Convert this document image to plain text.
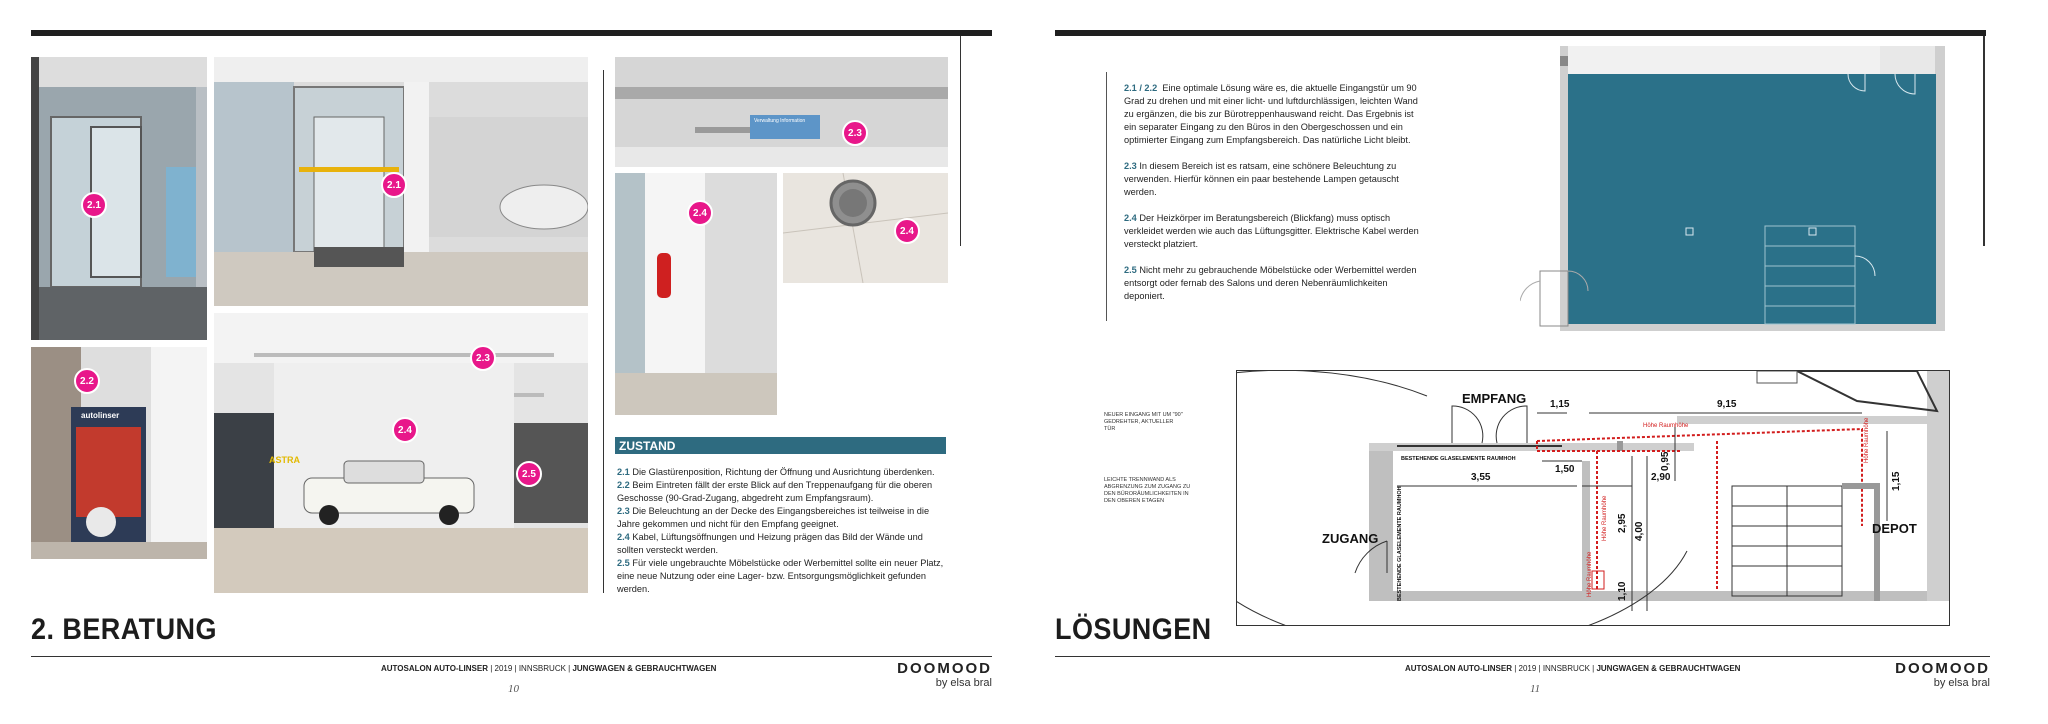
2.1
2.1
autolinser
2.2
ASTRA
2.3
2.4
2.5
Verwaltung Information
2.3
2.4
2.4
ZUSTAND
2.1 Die Glastürenposition, Richtung der Öffnung und Ausrichtung überdenken.
2.2 Beim Eintreten fällt der erste Blick auf den Treppenaufgang für die oberen Geschosse (90-Grad-Zugang, abgedreht zum Empfangsraum).
2.3 Die Beleuchtung an der Decke des Eingangsbereiches ist teilweise in die Jahre gekommen und nicht für den Empfang geeignet.
2.4 Kabel, Lüftungsöffnungen und Heizung prägen das Bild der Wände und sollten versteckt werden.
2.5 Für viele ungebrauchte Möbelstücke oder Werbemittel sollte ein neuer Platz, eine neue Nutzung oder eine Lager- bzw. Entsorgungsmöglichkeit gefunden werden.
2. BERATUNG
AUTOSALON AUTO-LINSER | 2019 | INNSBRUCK | JUNGWAGEN & GEBRAUCHTWAGEN
10
DOOMOOD
by elsa bral

2.1 / 2.2 Eine optimale Lösung wäre es, die aktuelle Eingangstür um 90 Grad zu drehen und mit einer licht- und luftdurchlässigen, leichten Wand zu ergänzen, die bis zur Bürotreppenhauswand reicht. Das Ergebnis ist ein separater Eingang zu den Büros in den Obergeschossen und ein optimierter Eingang zum Empfangsbereich. Das natürliche Licht bleibt.

2.3 In diesem Bereich ist es ratsam, eine schönere Beleuchtung zu verwenden. Hierfür können ein paar bestehende Lampen getauscht werden.

2.4 Der Heizkörper im Beratungsbereich (Blickfang) muss optisch verkleidet werden wie auch das Lüftungsgitter. Elektrische Kabel werden versteckt platziert.

2.5 Nicht mehr zu gebrauchende Möbelstücke oder Werbemittel werden entsorgt oder fernab des Salons und deren Nebenräumlichkeiten deponiert.

EMPFANG
ZUGANG
DEPOT
BESTEHENDE GLASELEMENTE RAUMHOH
BESTEHENDE GLASELEMENTE RAUMHOH
Höhe Raumhöhe	Höhe Raumhöhe
Höhe Raumhöhe
Höhe Raumhöhe
1,15	9,15
1,50
3,55	2,90
0,95
1,15
2,95 4,00
1,10
NEUER EINGANG MIT UM "90" GEDREHTER, AKTUELLER TÜR
LEICHTE TRENNWAND ALS ABGRENZUNG ZUM ZUGANG ZU DEN BÜRORÄUMLICHKEITEN IN DEN OBEREN ETAGEN
LÖSUNGEN
AUTOSALON AUTO-LINSER | 2019 | INNSBRUCK | JUNGWAGEN & GEBRAUCHTWAGEN
11
DOOMOOD
by elsa bral
